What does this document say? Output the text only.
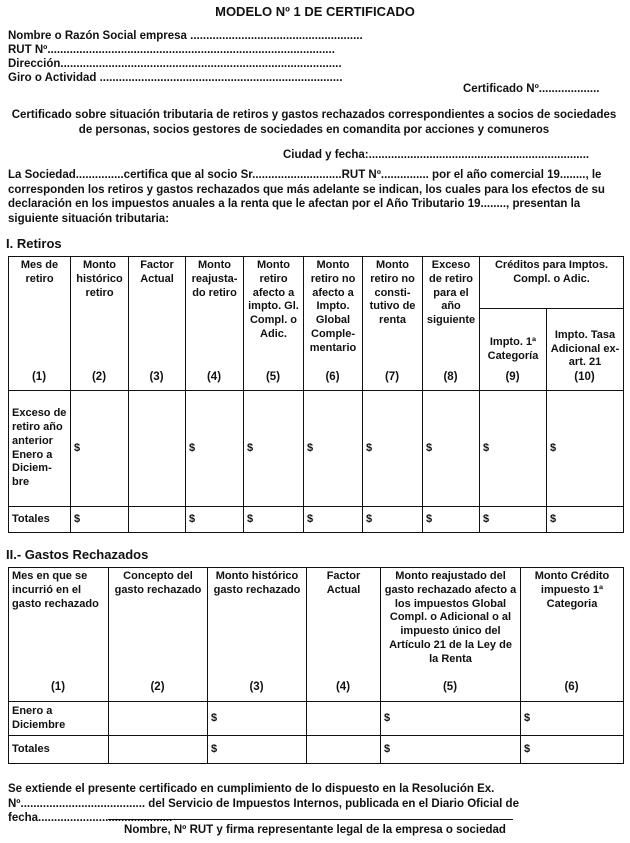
MODELO Nº 1 DE CERTIFICADO
Nombre o Razón Social empresa ......................................................
RUT Nº..........................................................................................
Dirección........................................................................................
Giro o Actividad ............................................................................
Certificado Nº...................
Certificado sobre situación tributaria de retiros y gastos rechazados correspondientes a socios de sociedades de personas, socios gestores de sociedades en comandita por acciones y comuneros
Ciudad y fecha:.....................................................................
La Sociedad...............certifica que al socio Sr............................RUT Nº............... por el año comercial 19........, le corresponden los retiros y gastos rechazados que más adelante se indican, los cuales para los efectos de su declaración en los impuestos anuales a la renta que le afectan por el Año Tributario 19........, presentan la siguiente situación tributaria:
I. Retiros
Mes de retiro	Monto histórico retiro	Factor Actual	Monto reajusta- do retiro	Monto retiro afecto a impto. Gl. Compl. o Adic.	Monto retiro no afecto a Impto. Global Comple- mentario	Monto retiro no consti- tutivo de renta	Exceso de retiro para el año siguiente	Créditos para Imptos. Compl. o Adic.	

								Impto. 1ª Categoría	Impto. Tasa Adicional ex-art. 21

Exceso de retiro año anterior Enero a Diciem- bre	$		$	$	$	$	$	$	$
Totales	$		$	$	$	$	$	$	$
(1)	(2)	(3)	(4)	(5)	(6)	(7)	(8)	(9)	(10)
II.- Gastos Rechazados
Mes en que se incurrió en el gasto rechazado	Concepto del gasto rechazado	Monto histórico gasto rechazado	Factor Actual	Monto reajustado del gasto rechazado afecto a los impuestos Global Compl. o Adicional o al impuesto único del Artículo 21 de la Ley de la Renta	Monto Crédito impuesto 1ª Categoria

Enero a Diciembre		$		$	$
Totales		$		$	$
(1)	(2)	(3)	(4)	(5)	(6)
Se extiende el presente certificado en cumplimiento de lo dispuesto en la Resolución Ex. Nº....................................... del Servicio de Impuestos Internos, publicada en el Diario Oficial de fecha..........................................
Nombre, Nº RUT y firma representante legal de la empresa o sociedad
